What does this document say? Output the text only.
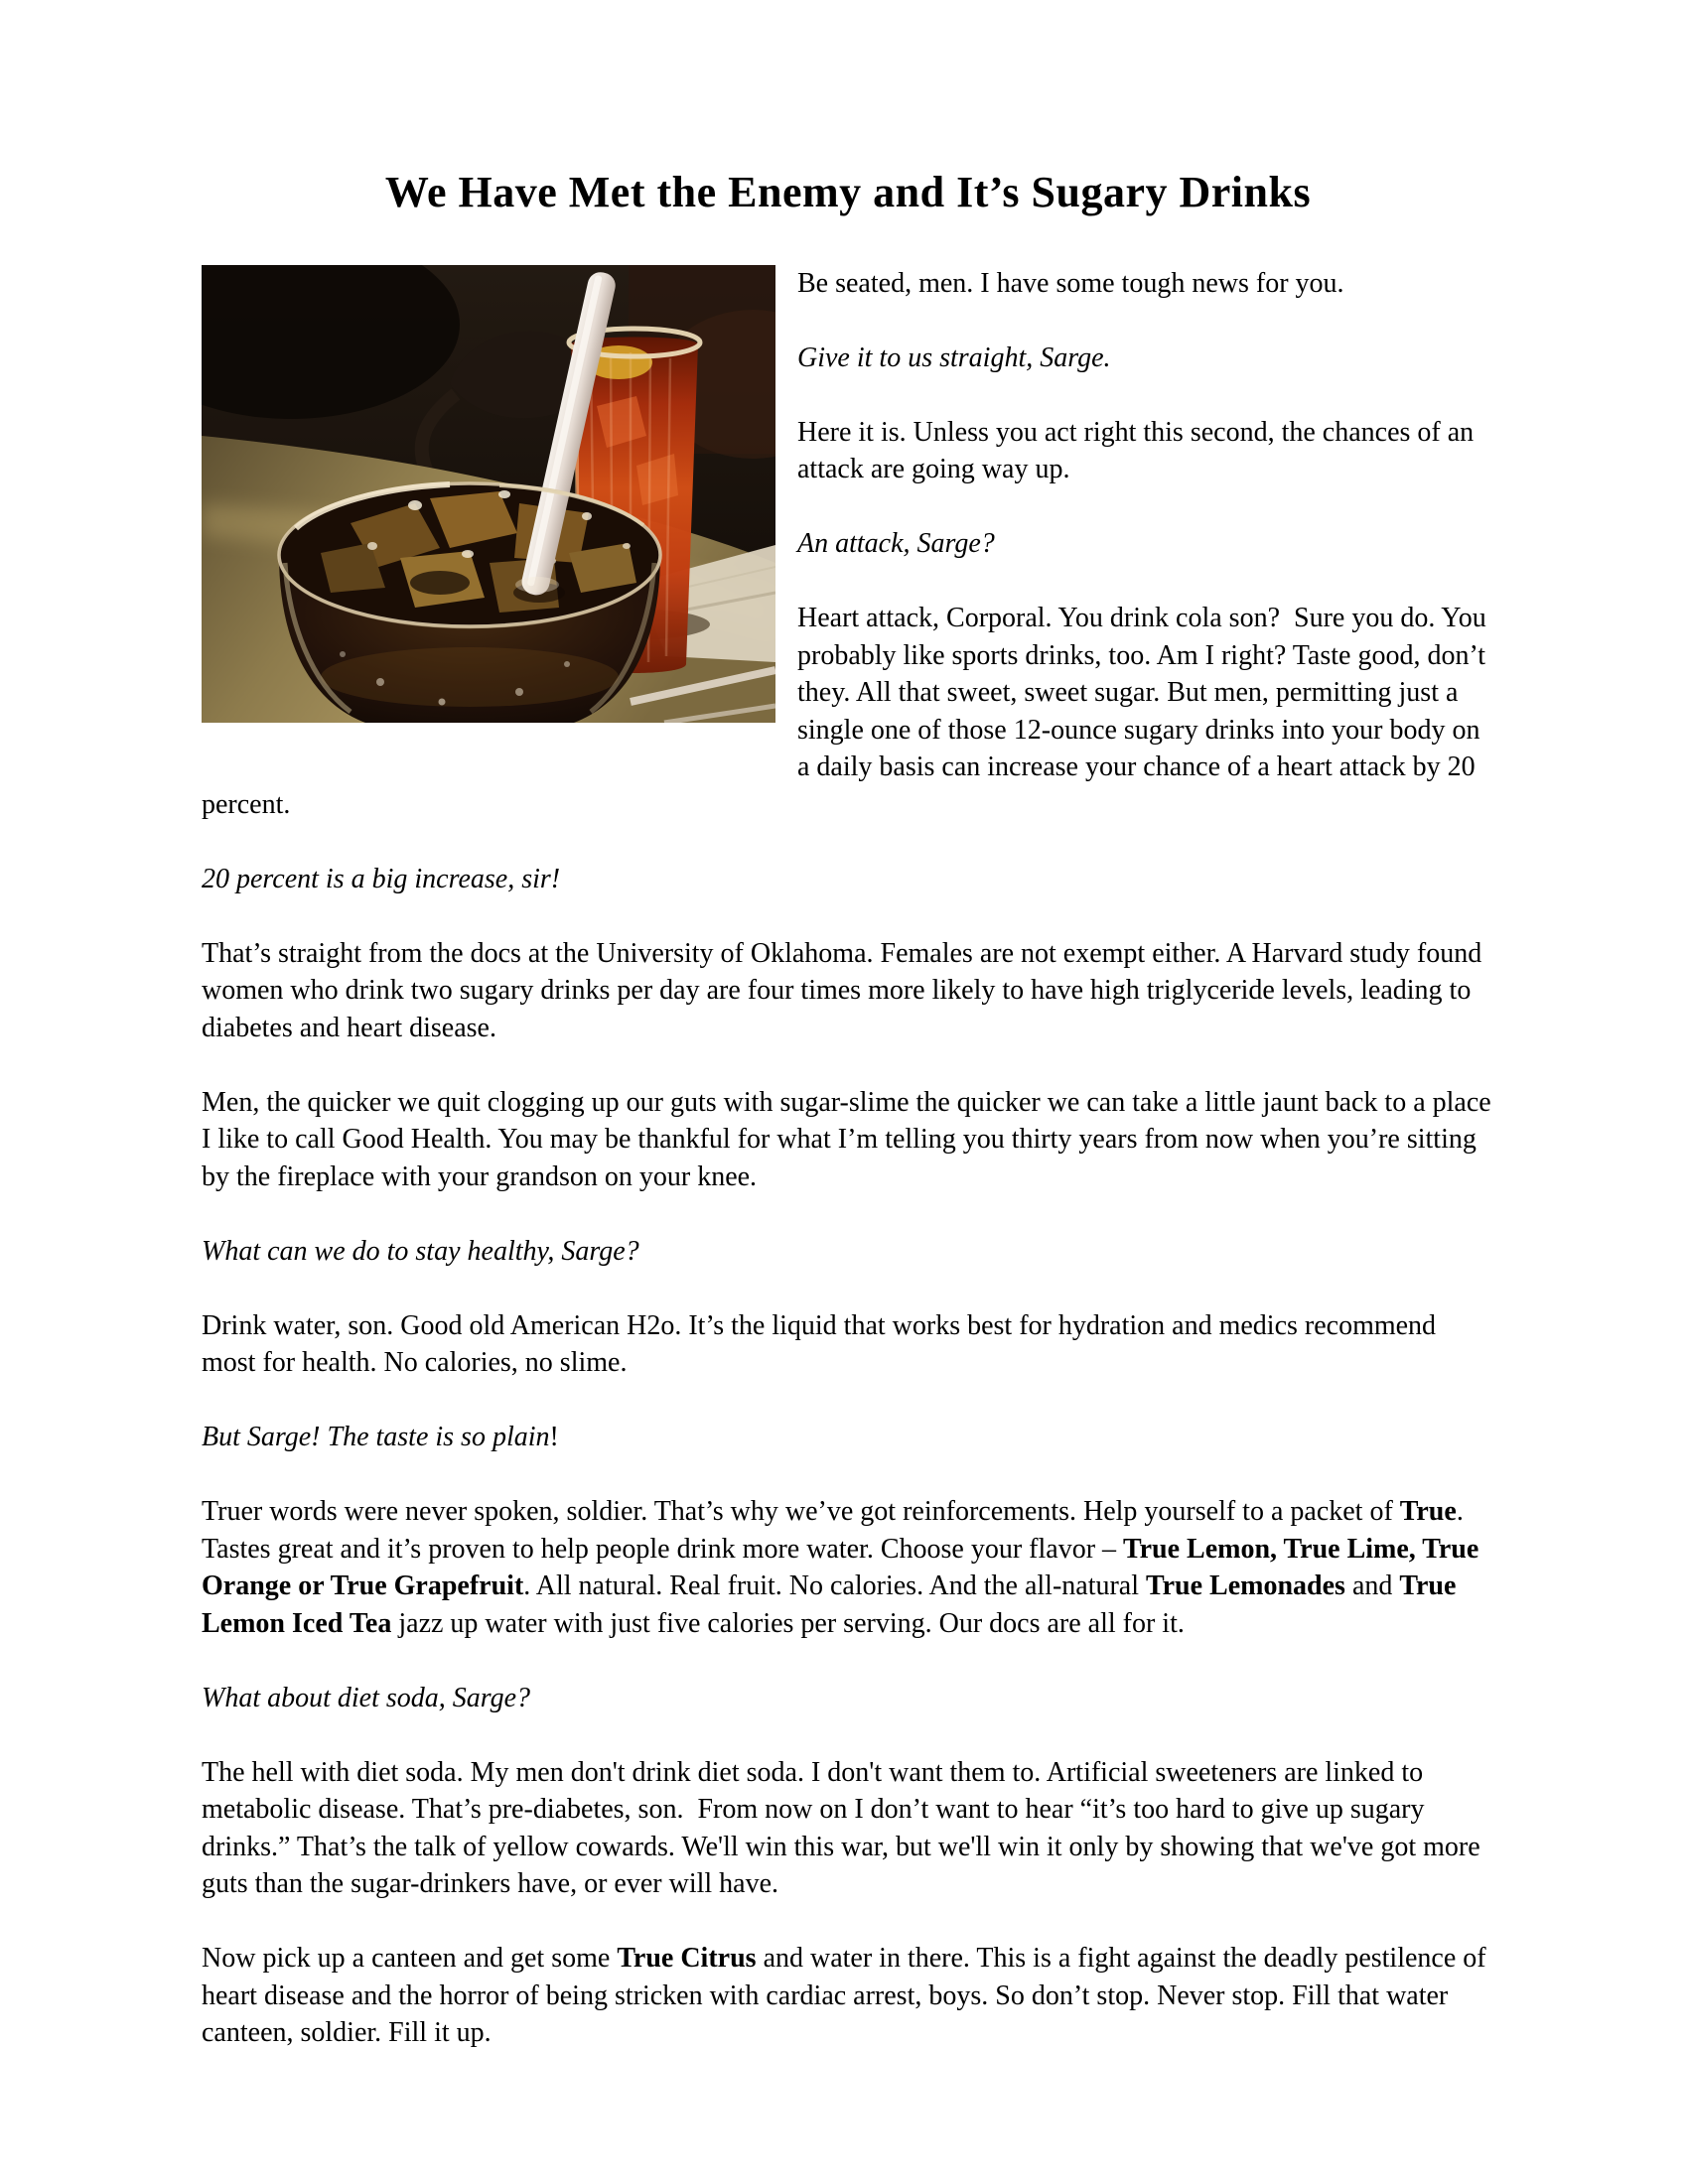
We Have Met the Enemy and It’s Sugary Drinks

Be seated, men. I have some tough news for you.

Give it to us straight, Sarge.

Here it is. Unless you act right this second, the chances of an attack are going way up.

An attack, Sarge?

Heart attack, Corporal. You drink cola son?  Sure you do. You probably like sports drinks, too. Am I right? Taste good, don’t they. All that sweet, sweet sugar. But men, permitting just a single one of those 12-ounce sugary drinks into your body on a daily basis can increase your chance of a heart attack by 20 percent.

20 percent is a big increase, sir!

That’s straight from the docs at the University of Oklahoma. Females are not exempt either. A Harvard study found women who drink two sugary drinks per day are four times more likely to have high triglyceride levels, leading to diabetes and heart disease.

Men, the quicker we quit clogging up our guts with sugar-slime the quicker we can take a little jaunt back to a place I like to call Good Health. You may be thankful for what I’m telling you thirty years from now when you’re sitting by the fireplace with your grandson on your knee.

What can we do to stay healthy, Sarge?

Drink water, son. Good old American H2o. It’s the liquid that works best for hydration and medics recommend most for health. No calories, no slime.

But Sarge! The taste is so plain!

Truer words were never spoken, soldier. That’s why we’ve got reinforcements. Help yourself to a packet of True. Tastes great and it’s proven to help people drink more water. Choose your flavor – True Lemon, True Lime, True Orange or True Grapefruit. All natural. Real fruit. No calories. And the all-natural True Lemonades and True Lemon Iced Tea jazz up water with just five calories per serving. Our docs are all for it.

What about diet soda, Sarge?

The hell with diet soda. My men don't drink diet soda. I don't want them to. Artificial sweeteners are linked to metabolic disease. That’s pre-diabetes, son.  From now on I don’t want to hear “it’s too hard to give up sugary drinks.” That’s the talk of yellow cowards. We'll win this war, but we'll win it only by showing that we've got more guts than the sugar-drinkers have, or ever will have.

Now pick up a canteen and get some True Citrus and water in there. This is a fight against the deadly pestilence of heart disease and the horror of being stricken with cardiac arrest, boys. So don’t stop. Never stop. Fill that water canteen, soldier. Fill it up.
